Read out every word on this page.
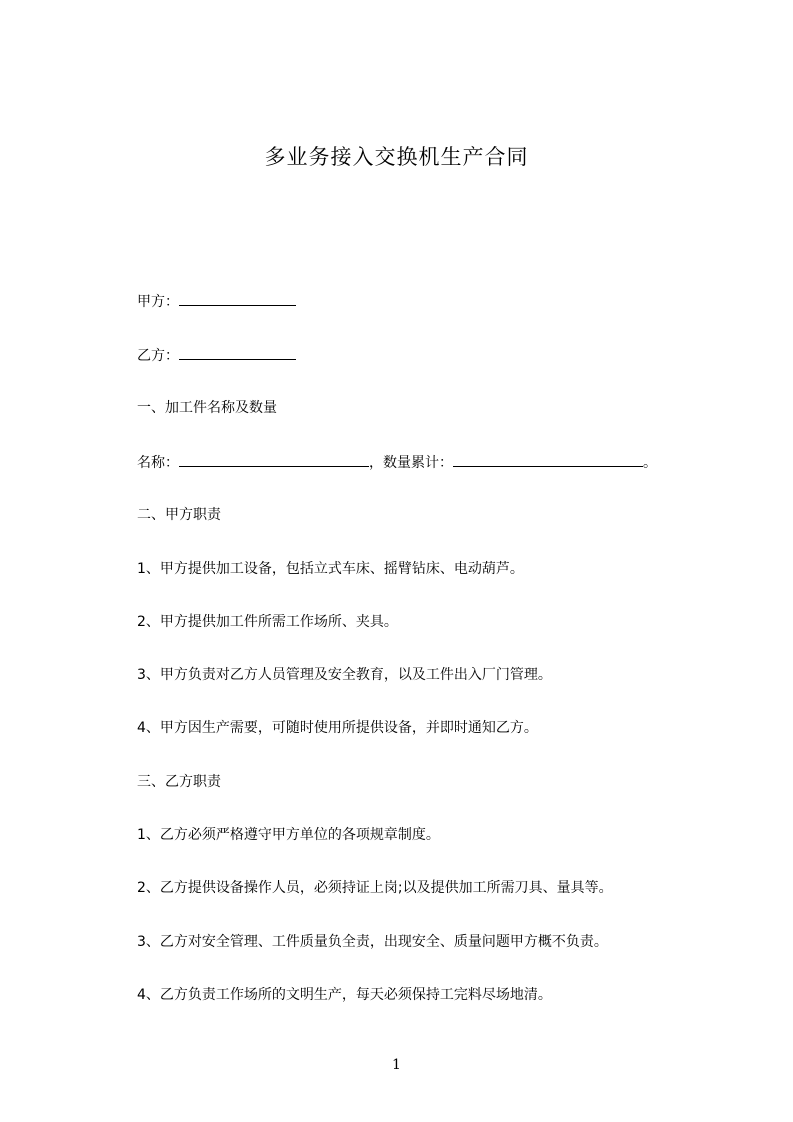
多业务接入交换机生产合同
甲方：
乙方：
一、加工件名称及数量
名称：	，数量累计：	。
二、甲方职责
1、甲方提供加工设备，包括立式车床、摇臂钻床、电动葫芦。
2、甲方提供加工件所需工作场所、夹具。
3、甲方负责对乙方人员管理及安全教育，以及工件出入厂门管理。
4、甲方因生产需要，可随时使用所提供设备，并即时通知乙方。
三、乙方职责
1、乙方必须严格遵守甲方单位的各项规章制度。
2、乙方提供设备操作人员，必须持证上岗;以及提供加工所需刀具、量具等。
3、乙方对安全管理、工件质量负全责，出现安全、质量问题甲方概不负责。
4、乙方负责工作场所的文明生产，每天必须保持工完料尽场地清。
1
